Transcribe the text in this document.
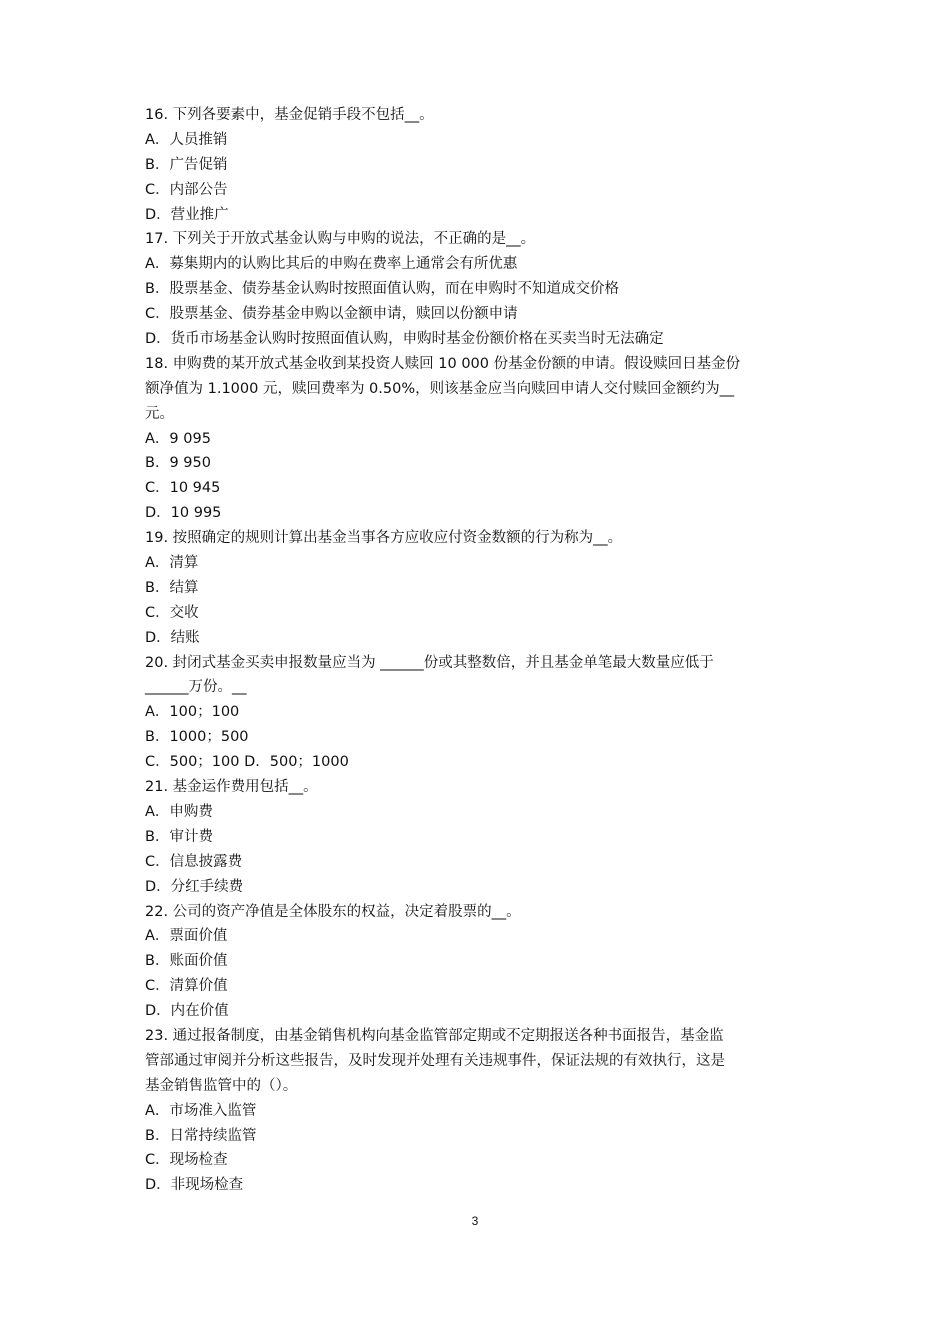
16. 下列各要素中，基金促销手段不包括__。
A．人员推销
B．广告促销
C．内部公告
D．营业推广
17. 下列关于开放式基金认购与申购的说法，不正确的是__。
A．募集期内的认购比其后的申购在费率上通常会有所优惠
B．股票基金、债券基金认购时按照面值认购，而在申购时不知道成交价格
C．股票基金、债券基金申购以金额申请，赎回以份额申请
D．货币市场基金认购时按照面值认购，申购时基金份额价格在买卖当时无法确定
18. 申购费的某开放式基金收到某投资人赎回 10 000 份基金份额的申请。假设赎回日基金份
额净值为 1.1000 元，赎回费率为 0.50%，则该基金应当向赎回申请人交付赎回金额约为__
元。
A．9 095
B．9 950
C．10 945
D．10 995
19. 按照确定的规则计算出基金当事各方应收应付资金数额的行为称为__。
A．清算
B．结算
C．交收
D．结账
20. 封闭式基金买卖申报数量应当为 ______份或其整数倍，并且基金单笔最大数量应低于
______万份。__
A．100；100
B．1000；500
C．500；100 D．500；1000
21. 基金运作费用包括__。
A．申购费
B．审计费
C．信息披露费
D．分红手续费
22. 公司的资产净值是全体股东的权益，决定着股票的__。
A．票面价值
B．账面价值
C．清算价值
D．内在价值
23. 通过报备制度，由基金销售机构向基金监管部定期或不定期报送各种书面报告，基金监
管部通过审阅并分析这些报告，及时发现并处理有关违规事件，保证法规的有效执行，这是
基金销售监管中的（）。
A．市场准入监管
B．日常持续监管
C．现场检查
D．非现场检查
3
